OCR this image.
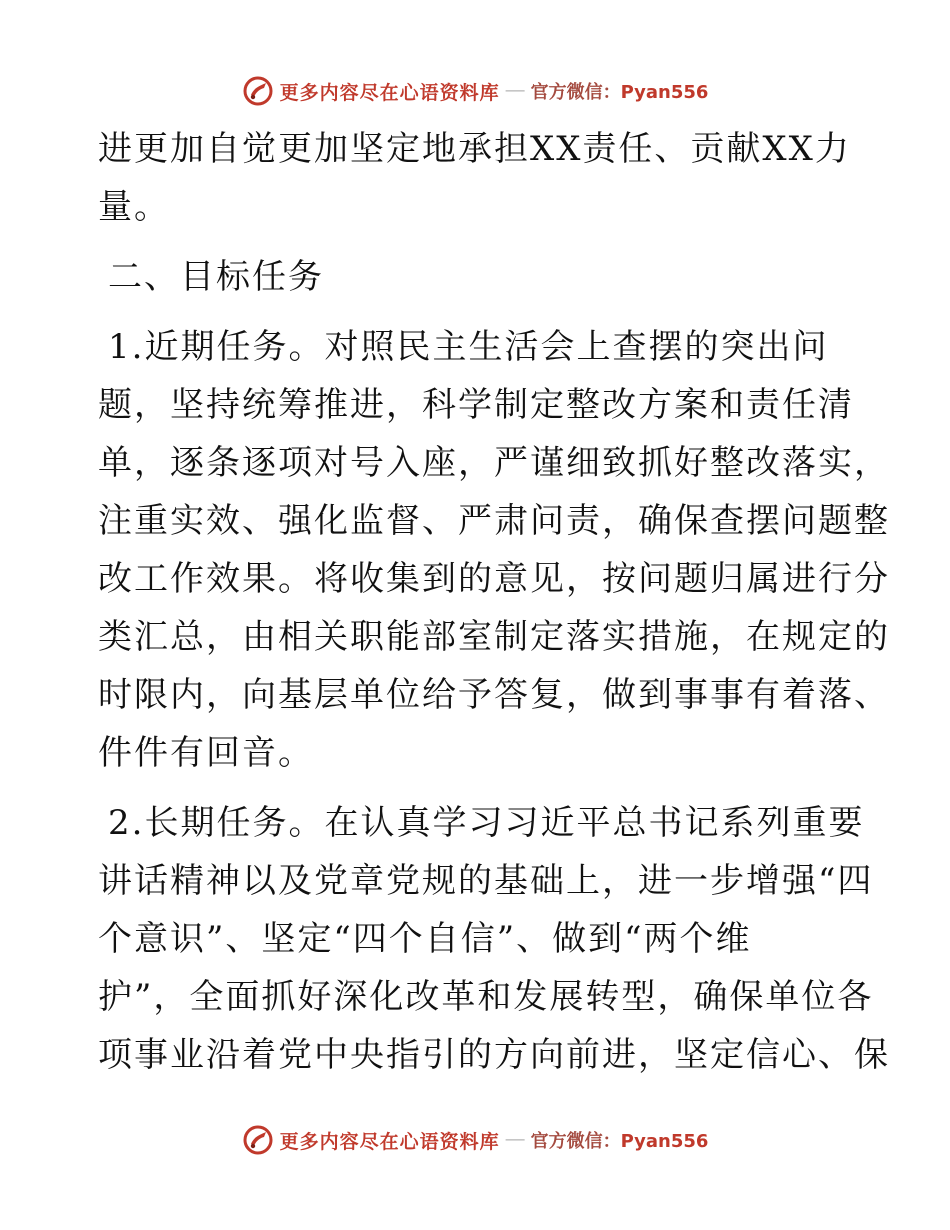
更多内容尽在心语资料库 — 官方微信：Pyan556
进更加自觉更加坚定地承担XX责任、贡献XX力
量。
二、目标任务
1.近期任务。对照民主生活会上查摆的突出问
题，坚持统筹推进，科学制定整改方案和责任清
单，逐条逐项对号入座，严谨细致抓好整改落实，
注重实效、强化监督、严肃问责，确保查摆问题整
改工作效果。将收集到的意见，按问题归属进行分
类汇总，由相关职能部室制定落实措施，在规定的
时限内，向基层单位给予答复，做到事事有着落、
件件有回音。
2.长期任务。在认真学习习近平总书记系列重要
讲话精神以及党章党规的基础上，进一步增强“四
个意识”、坚定“四个自信”、做到“两个维
护”，全面抓好深化改革和发展转型，确保单位各
项事业沿着党中央指引的方向前进，坚定信心、保
更多内容尽在心语资料库 — 官方微信：Pyan556
